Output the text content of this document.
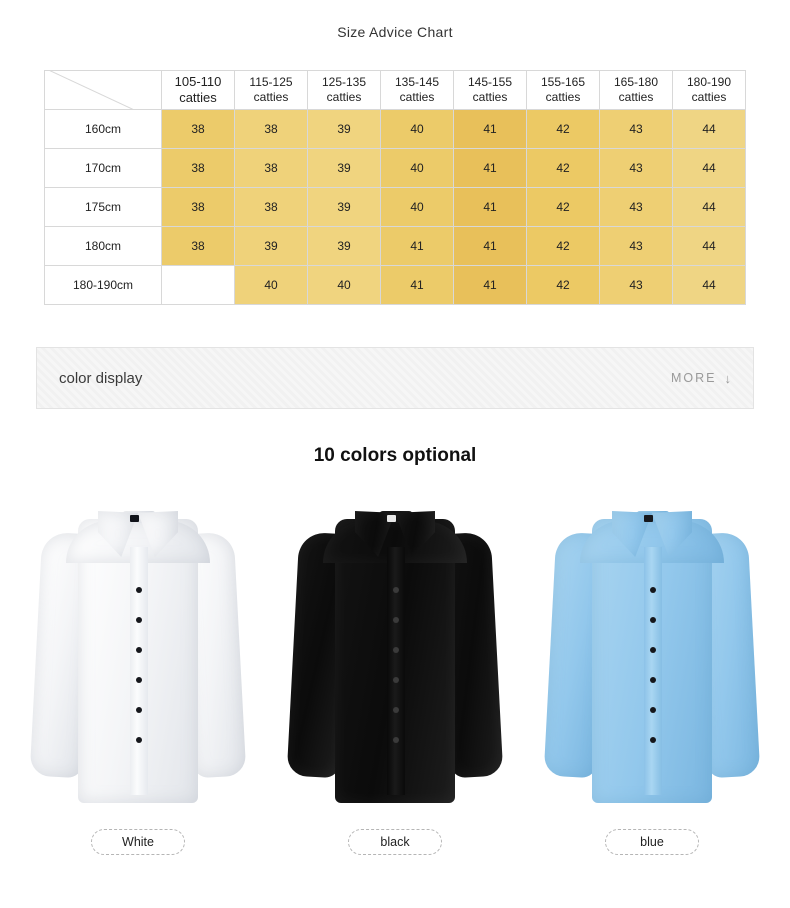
Size Advice Chart
	105-110 catties	115-125 catties	125-135 catties	135-145 catties	145-155 catties	155-165 catties	165-180 catties	180-190 catties
160cm	38	38	39	40	41	42	43	44
170cm	38	38	39	40	41	42	43	44
175cm	38	38	39	40	41	42	43	44
180cm	38	39	39	41	41	42	43	44
180-190cm		40	40	41	41	42	43	44
color display	MORE ↓
10 colors optional
White	black	blue
